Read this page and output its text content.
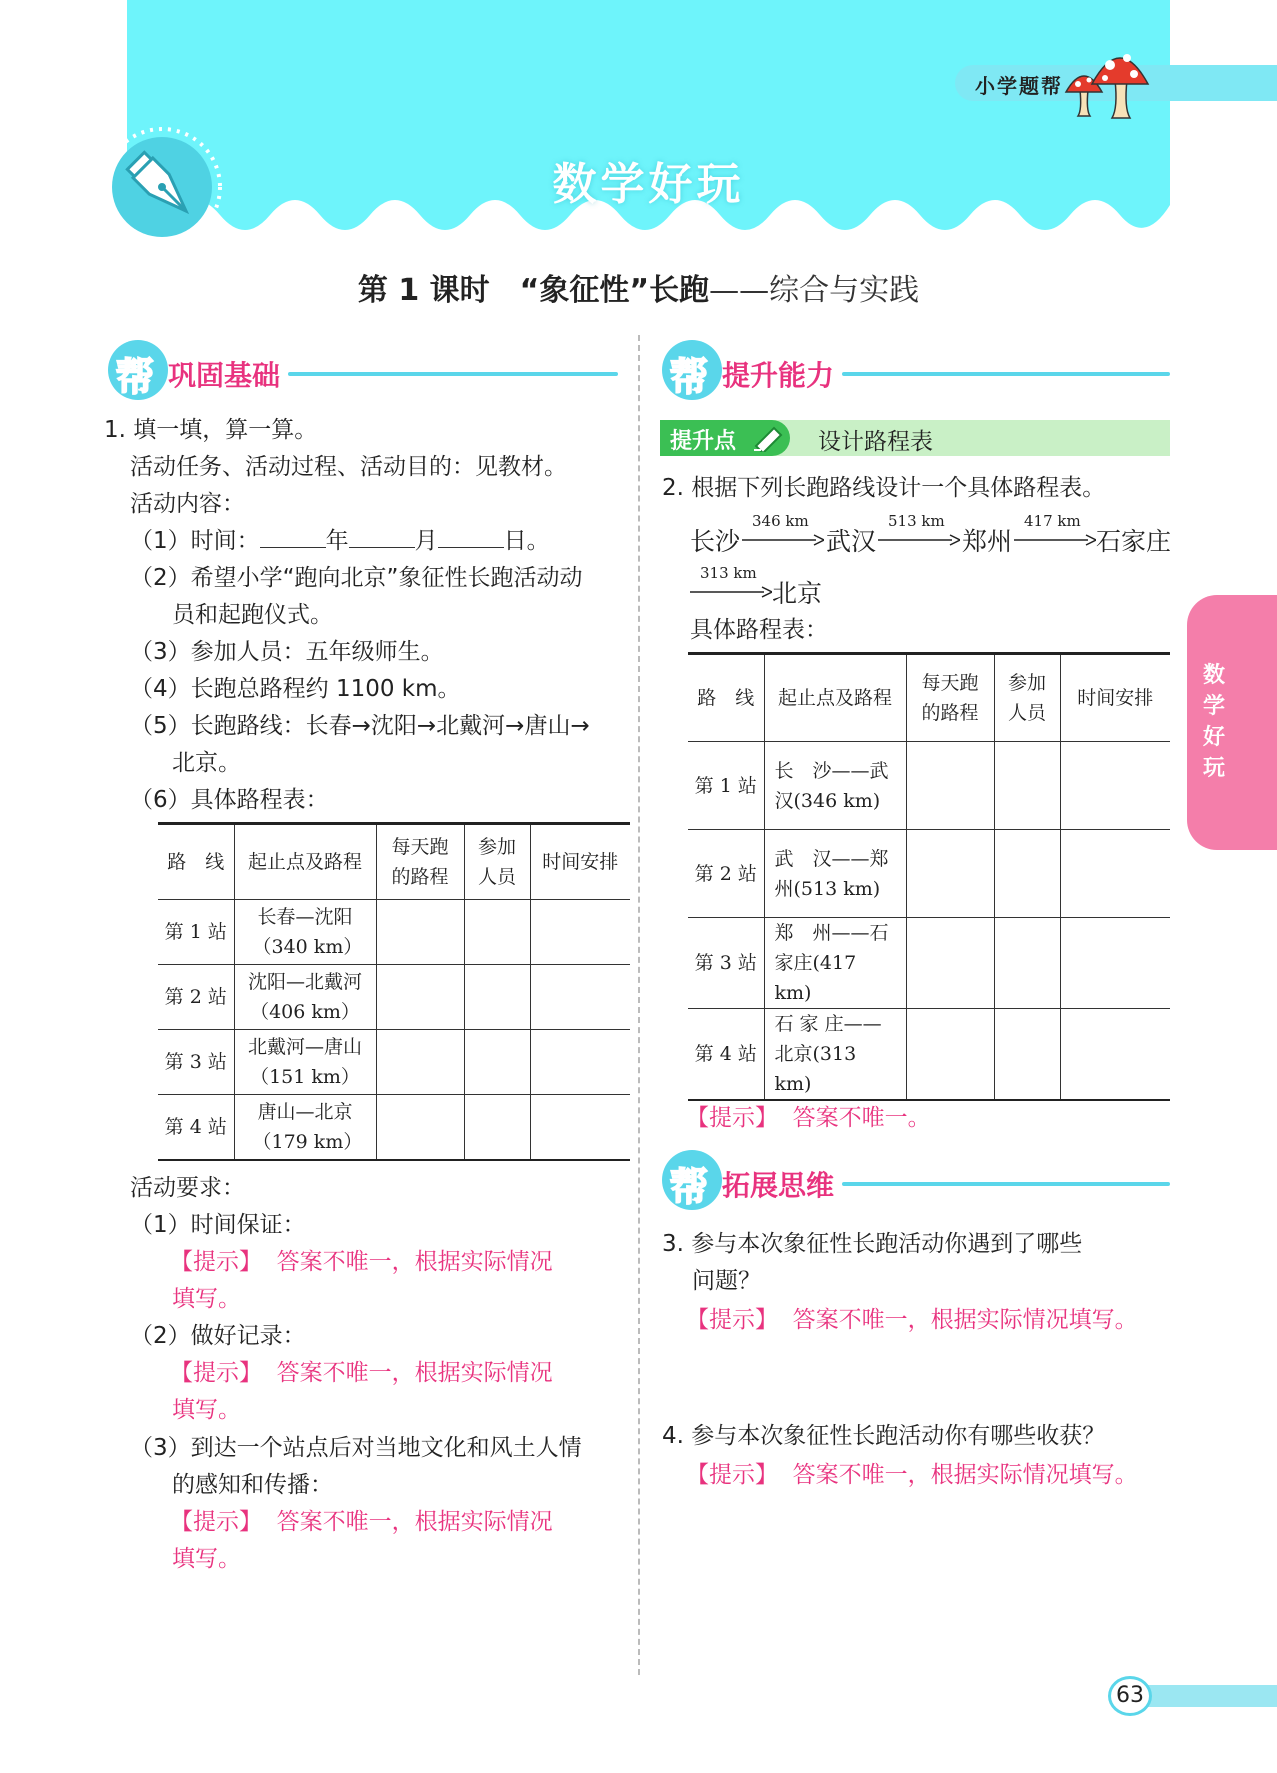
小学题帮
数学好玩
第 1 课时　“象征性”长跑——综合与实践
帮 巩固基础
1. 填一填，算一算。
活动任务、活动过程、活动目的：见教材。
活动内容：
（1）时间：	年	月	日。
（2）希望小学“跑向北京”象征性长跑活动动
员和起跑仪式。
（3）参加人员：五年级师生。
（4）长跑总路程约 1100 km。
（5）长跑路线：长春→沈阳→北戴河→唐山→
北京。
（6）具体路程表：
路　线	起止点及路程	每天跑的路程	参加人员	时间安排
第 1 站	长春—沈阳（340 km）			
第 2 站	沈阳—北戴河（406 km）			
第 3 站	北戴河—唐山（151 km）			
第 4 站	唐山—北京（179 km）			
活动要求：
（1）时间保证：
【提示】 答案不唯一，根据实际情况
填写。
（2）做好记录：
【提示】 答案不唯一，根据实际情况
填写。
（3）到达一个站点后对当地文化和风土人情
的感知和传播：
【提示】 答案不唯一，根据实际情况
填写。
帮 提升能力
提升点	设计路程表
2. 根据下列长跑路线设计一个具体路程表。
长沙
346 km
武汉
513 km
郑州
417 km
石家庄
313 km
北京
具体路程表：
路　线	起止点及路程	每天跑的路程	参加人员	时间安排
第 1 站	长　沙——武
汉(346 km)			

第 2 站	武　汉——郑
州(513 km)			

第 3 站	郑　州——石
家庄(417 km)			

第 4 站	石 家 庄——
北京(313 km)			

【提示】 答案不唯一。
帮 拓展思维
3. 参与本次象征性长跑活动你遇到了哪些
问题？
【提示】 答案不唯一，根据实际情况填写。
4. 参与本次象征性长跑活动你有哪些收获？
【提示】 答案不唯一，根据实际情况填写。
数学好玩
63
